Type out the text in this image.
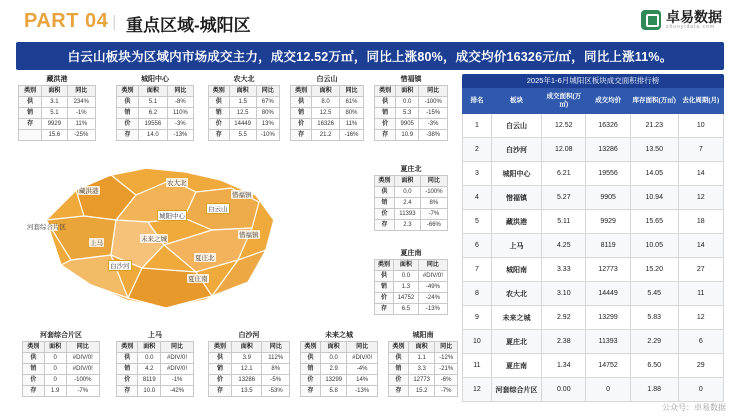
PART 04 | 重点区域-城阳区	卓易数据
zhuoyidata.com
白云山板块为区域内市场成交主力，成交12.52万㎡，同比上涨80%，成交均价16326元/㎡，同比上涨11%。
藏洪港
农大北
惜福镇
城阳中心
白云山
上马
河套综合片区
未来之城
惜福镇
白沙河
夏庄北
夏庄南
藏洪港
类别	面积	同比
供	3.1	234%
销	5.1	-1%
存	9929	11%
	15.6	-25%
城阳中心
类别	面积	同比
供	5.1	-8%
销	6.2	110%
价	19556	-3%
存	14.0	-13%
农大北
类别	面积	同比
供	1.5	67%
销	12.5	80%
价	14449	13%
存	5.5	-10%
白云山
类别	面积	同比
供	8.0	61%
销	12.5	80%
价	16326	11%
存	21.2	-16%
惜福镇
类别	面积	同比
供	0.0	-100%
销	5.3	-15%
价	9905	-3%
存	10.9	-38%
夏庄北
类别	面积	同比
供	0.0	-100%
销	2.4	8%
价	11393	-7%
存	2.3	-66%
夏庄南
类别	面积	同比
供	0.0	#DIV/0!
销	1.3	-49%
价	14752	-24%
存	6.5	-13%
河套综合片区
类别	面积	同比
供	0	#DIV/0!
销	0	#DIV/0!
价	0	-100%
存	1.9	-7%
上马
类别	面积	同比
供	0.0	#DIV/0!
销	4.2	#DIV/0!
价	8119	-1%
存	10.0	-42%
白沙河
类别	面积	同比
供	3.9	112%
销	12.1	8%
价	13286	-5%
存	13.5	-53%
未来之城
类别	面积	同比
供	0.0	#DIV/0!
销	2.9	-4%
价	13299	14%
存	5.8	-13%
城阳南
类别	面积	同比
供	1.1	-12%
销	3.3	-21%
价	12773	-6%
存	15.2	-7%
2025年1-6月城阳区板块成交面积排行榜
排名	板块	成交面积(万㎡)	成交均价	库存面积(万㎡)	去化周期(月)
1	白云山	12.52	16326	21.23	10
2	白沙河	12.08	13286	13.50	7
3	城阳中心	6.21	19556	14.05	14
4	惜福镇	5.27	9905	10.94	12
5	藏洪港	5.11	9929	15.65	18
6	上马	4.25	8119	10.05	14
7	城阳南	3.33	12773	15.20	27
8	农大北	3.10	14449	5.45	11
9	未来之城	2.92	13299	5.83	12
10	夏庄北	2.38	11393	2.29	6
11	夏庄南	1.34	14752	6.50	29
12	河套综合片区	0.00	0	1.88	0
公众号：卓易数据
